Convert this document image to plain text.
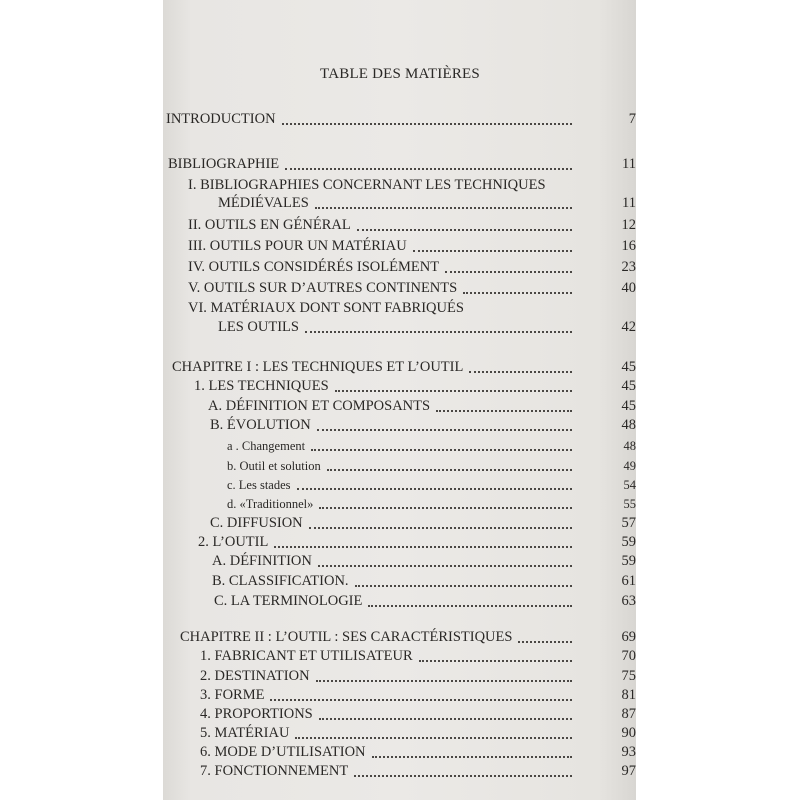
TABLE DES MATIÈRES
INTRODUCTION	7
BIBLIOGRAPHIE	11
I. BIBLIOGRAPHIES CONCERNANT LES TECHNIQUES
MÉDIÉVALES	11
II. OUTILS EN GÉNÉRAL	12
III. OUTILS POUR UN MATÉRIAU	16
IV. OUTILS CONSIDÉRÉS ISOLÉMENT	23
V. OUTILS SUR D’AUTRES CONTINENTS	40
VI. MATÉRIAUX DONT SONT FABRIQUÉS
LES OUTILS	42
CHAPITRE I : LES TECHNIQUES ET L’OUTIL	45
1. LES TECHNIQUES	45
A. DÉFINITION ET COMPOSANTS	45
B. ÉVOLUTION	48
a . Changement	48
b. Outil et solution	49
c. Les stades	54
d. «Traditionnel»	55
C. DIFFUSION	57
2. L’OUTIL	59
A. DÉFINITION	59
B. CLASSIFICATION.	61
C. LA TERMINOLOGIE	63
CHAPITRE II : L’OUTIL : SES CARACTÉRISTIQUES	69
1. FABRICANT ET UTILISATEUR	70
2. DESTINATION	75
3. FORME	81
4. PROPORTIONS	87
5. MATÉRIAU	90
6. MODE D’UTILISATION	93
7. FONCTIONNEMENT	97
